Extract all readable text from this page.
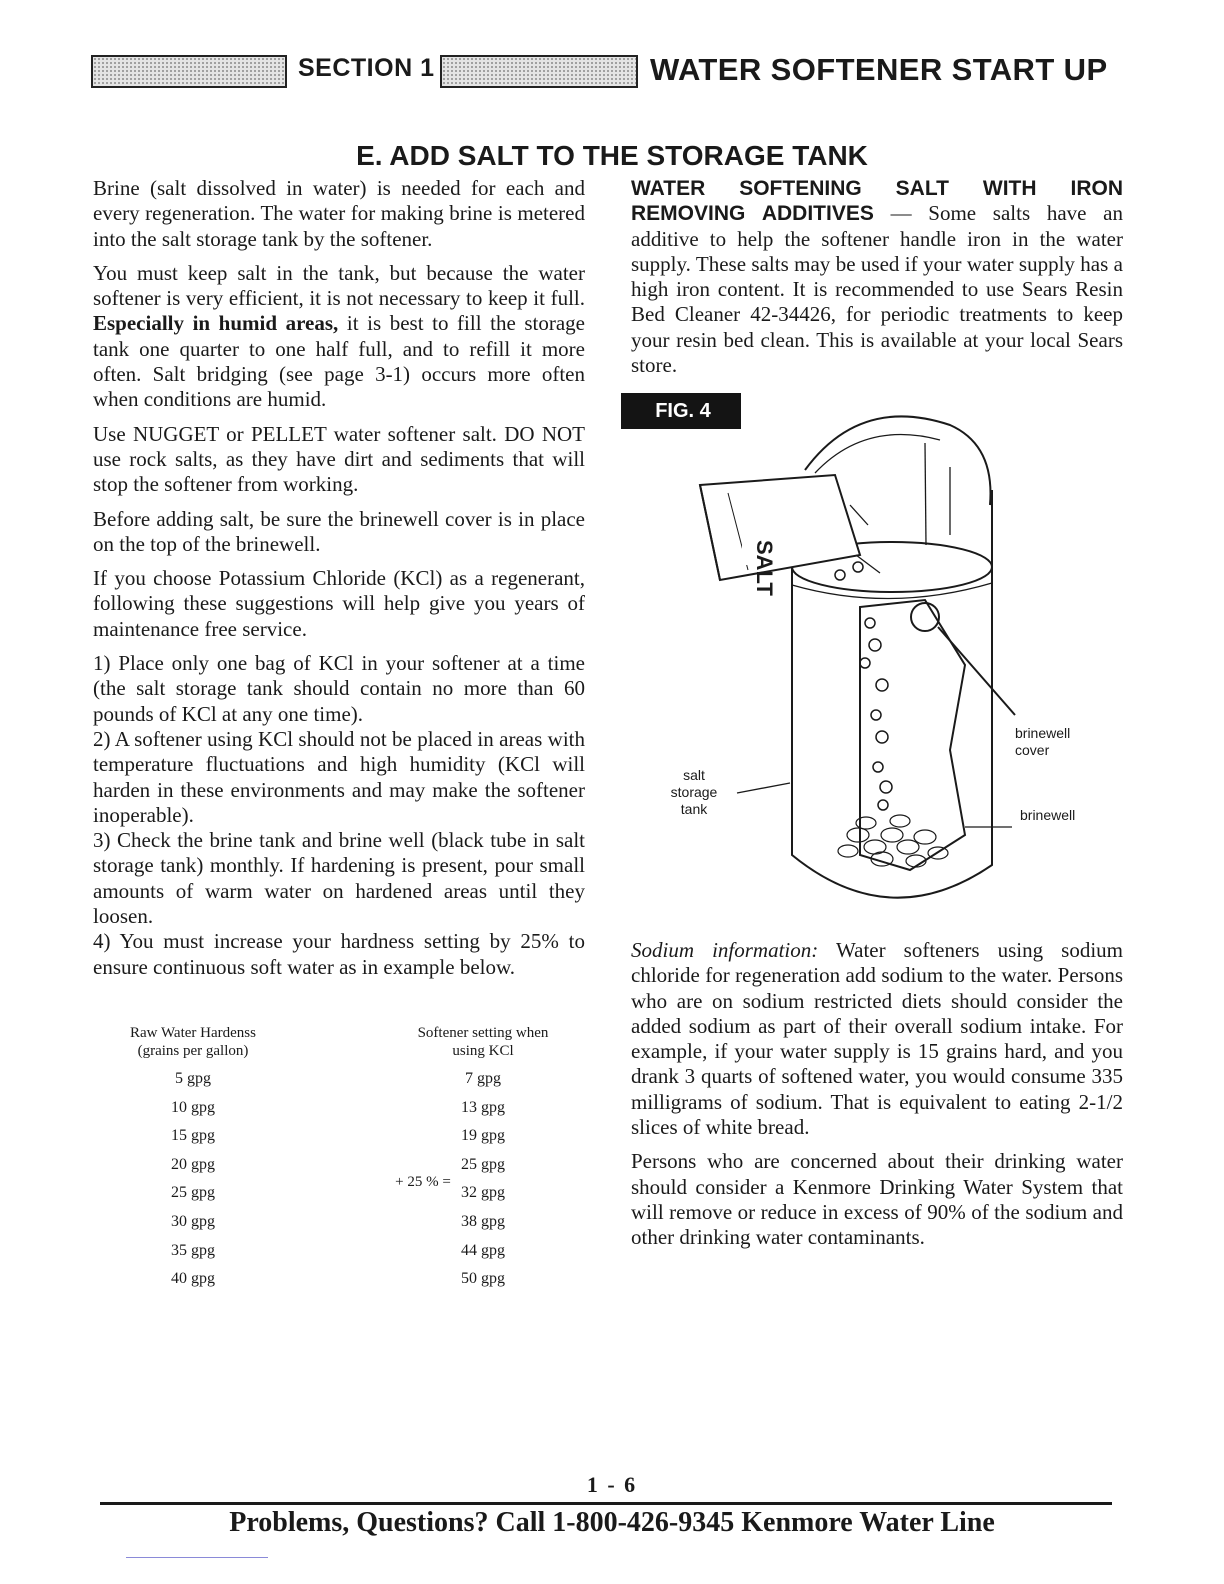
SECTION 1	WATER SOFTENER START UP
E. ADD SALT TO THE STORAGE TANK

Brine (salt dissolved in water) is needed for each and every regeneration. The water for making brine is metered into the salt storage tank by the softener.

You must keep salt in the tank, but because the water softener is very efficient, it is not necessary to keep it full. Especially in humid areas, it is best to fill the storage tank one quarter to one half full, and to refill it more often. Salt bridging (see page 3-1) occurs more often when conditions are humid.

Use NUGGET or PELLET water softener salt. DO NOT use rock salts, as they have dirt and sediments that will stop the softener from working.

Before adding salt, be sure the brinewell cover is in place on the top of the brinewell.

If you choose Potassium Chloride (KCl) as a regenerant, following these suggestions will help give you years of maintenance free service.

1) Place only one bag of KCl in your softener at a time (the salt storage tank should contain no more than 60 pounds of KCl at any one time).

2) A softener using KCl should not be placed in areas with temperature fluctuations and high humidity (KCl will harden in these environments and may make the softener inoperable).

3) Check the brine tank and brine well (black tube in salt storage tank) monthly. If hardening is present, pour small amounts of warm water on hardened areas until they loosen.

4) You must increase your hardness setting by 25% to ensure continuous soft water as in example below.

Raw Water Hardenss
(grains per gallon)
Softener setting when
using KCl
+ 25 % =
5 gpg
10 gpg
15 gpg
20 gpg
25 gpg
30 gpg
35 gpg
40 gpg
7 gpg
13 gpg
19 gpg
25 gpg
32 gpg
38 gpg
44 gpg
50 gpg

WATER SOFTENING SALT WITH IRON REMOVING ADDITIVES — Some salts have an additive to help the softener handle iron in the water supply. These salts may be used if your water supply has a high iron content. It is recommended to use Sears Resin Bed Cleaner 42-34426, for periodic treatments to keep your resin bed clean. This is available at your local Sears store.

FIG. 4
SALT
salt
storage
tank
brinewell
cover
brinewell

Sodium information: Water softeners using sodium chloride for regeneration add sodium to the water. Persons who are on sodium restricted diets should consider the added sodium as part of their overall sodium intake. For example, if your water supply is 15 grains hard, and you drank 3 quarts of softened water, you would consume 335 milligrams of sodium. That is equivalent to eating 2-1/2 slices of white bread.

Persons who are concerned about their drinking water should consider a Kenmore Drinking Water System that will remove or reduce in excess of 90% of the sodium and other drinking water contaminants.

1 - 6
Problems, Questions? Call 1-800-426-9345 Kenmore Water Line
